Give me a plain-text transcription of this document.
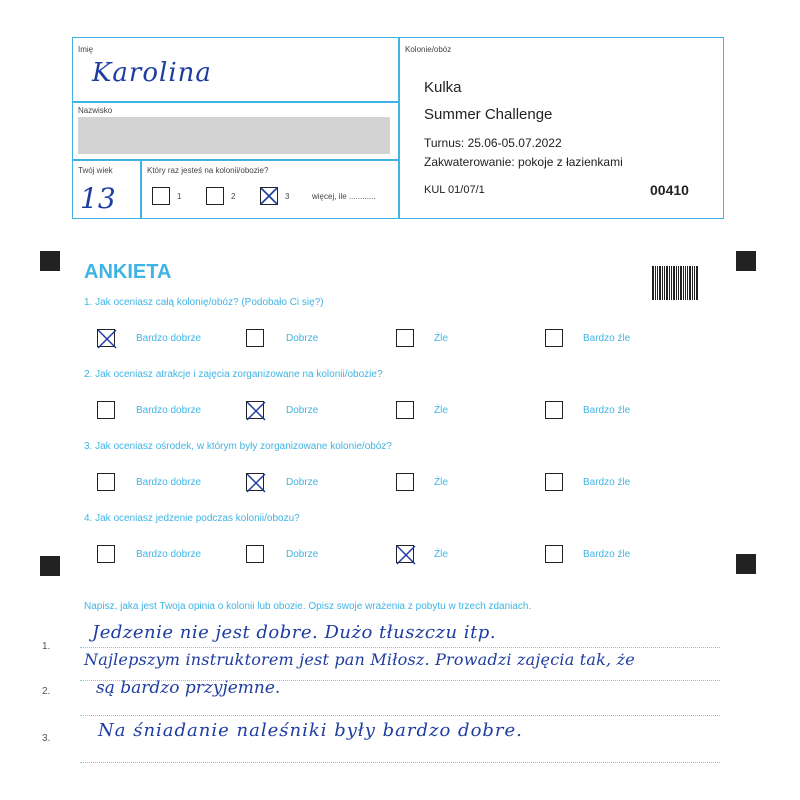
Imię
Karolina
Nazwisko
Twój wiek
13
Który raz jesteś na kolonii/obozie?
1	2	3	więcej, ile ............
Kolonie/obóz
Kulka
Summer Challenge
Turnus: 25.06-05.07.2022
Zakwaterowanie: pokoje z łazienkami
KUL 01/07/1	00410
ANKIETA
1. Jak oceniasz całą kolonię/obóz? (Podobało Ci się?)
Bardzo dobrze	Dobrze	Źle	Bardzo źle
2. Jak oceniasz atrakcje i zajęcia zorganizowane na kolonii/obozie?
Bardzo dobrze	Dobrze	Źle	Bardzo źle
3. Jak oceniasz ośrodek, w którym były zorganizowane kolonie/obóz?
Bardzo dobrze	Dobrze	Źle	Bardzo źle
4. Jak oceniasz jedzenie podczas kolonii/obozu?
Bardzo dobrze	Dobrze	Źle	Bardzo źle
Napisz, jaka jest Twoja opinia o kolonii lub obozie. Opisz swoje wrażenia z pobytu w trzech zdaniach.
1.
2.
3.
Jedzenie nie jest dobre. Dużo tłuszczu itp.
Najlepszym instruktorem jest pan Miłosz. Prowadzi zajęcia tak, że
są bardzo przyjemne.
Na śniadanie naleśniki były bardzo dobre.
